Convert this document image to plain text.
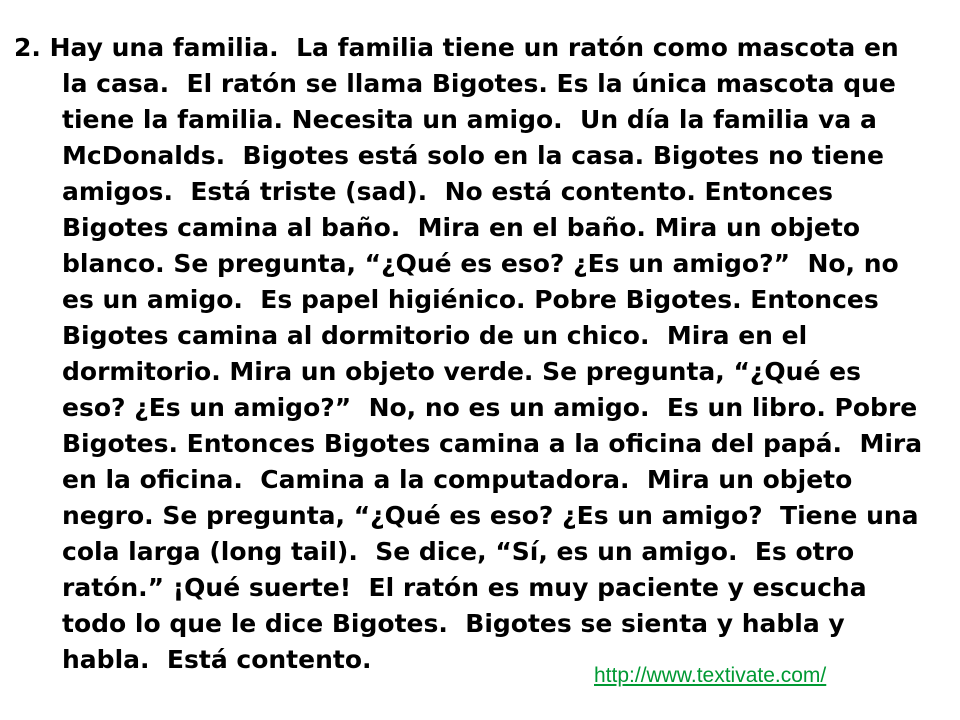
2. Hay una familia.  La familia tiene un ratón como mascota en
la casa.  El ratón se llama Bigotes. Es la única mascota que
tiene la familia. Necesita un amigo.  Un día la familia va a
McDonalds.  Bigotes está solo en la casa. Bigotes no tiene
amigos.  Está triste (sad).  No está contento. Entonces
Bigotes camina al baño.  Mira en el baño. Mira un objeto
blanco. Se pregunta, “¿Qué es eso? ¿Es un amigo?”  No, no
es un amigo.  Es papel higiénico. Pobre Bigotes. Entonces
Bigotes camina al dormitorio de un chico.  Mira en el
dormitorio. Mira un objeto verde. Se pregunta, “¿Qué es
eso? ¿Es un amigo?”  No, no es un amigo.  Es un libro. Pobre
Bigotes. Entonces Bigotes camina a la oficina del papá.  Mira
en la oficina.  Camina a la computadora.  Mira un objeto
negro. Se pregunta, “¿Qué es eso? ¿Es un amigo?  Tiene una
cola larga (long tail).  Se dice, “Sí, es un amigo.  Es otro
ratón.” ¡Qué suerte!  El ratón es muy paciente y escucha
todo lo que le dice Bigotes.  Bigotes se sienta y habla y
habla.  Está contento.
http://www.textivate.com/
